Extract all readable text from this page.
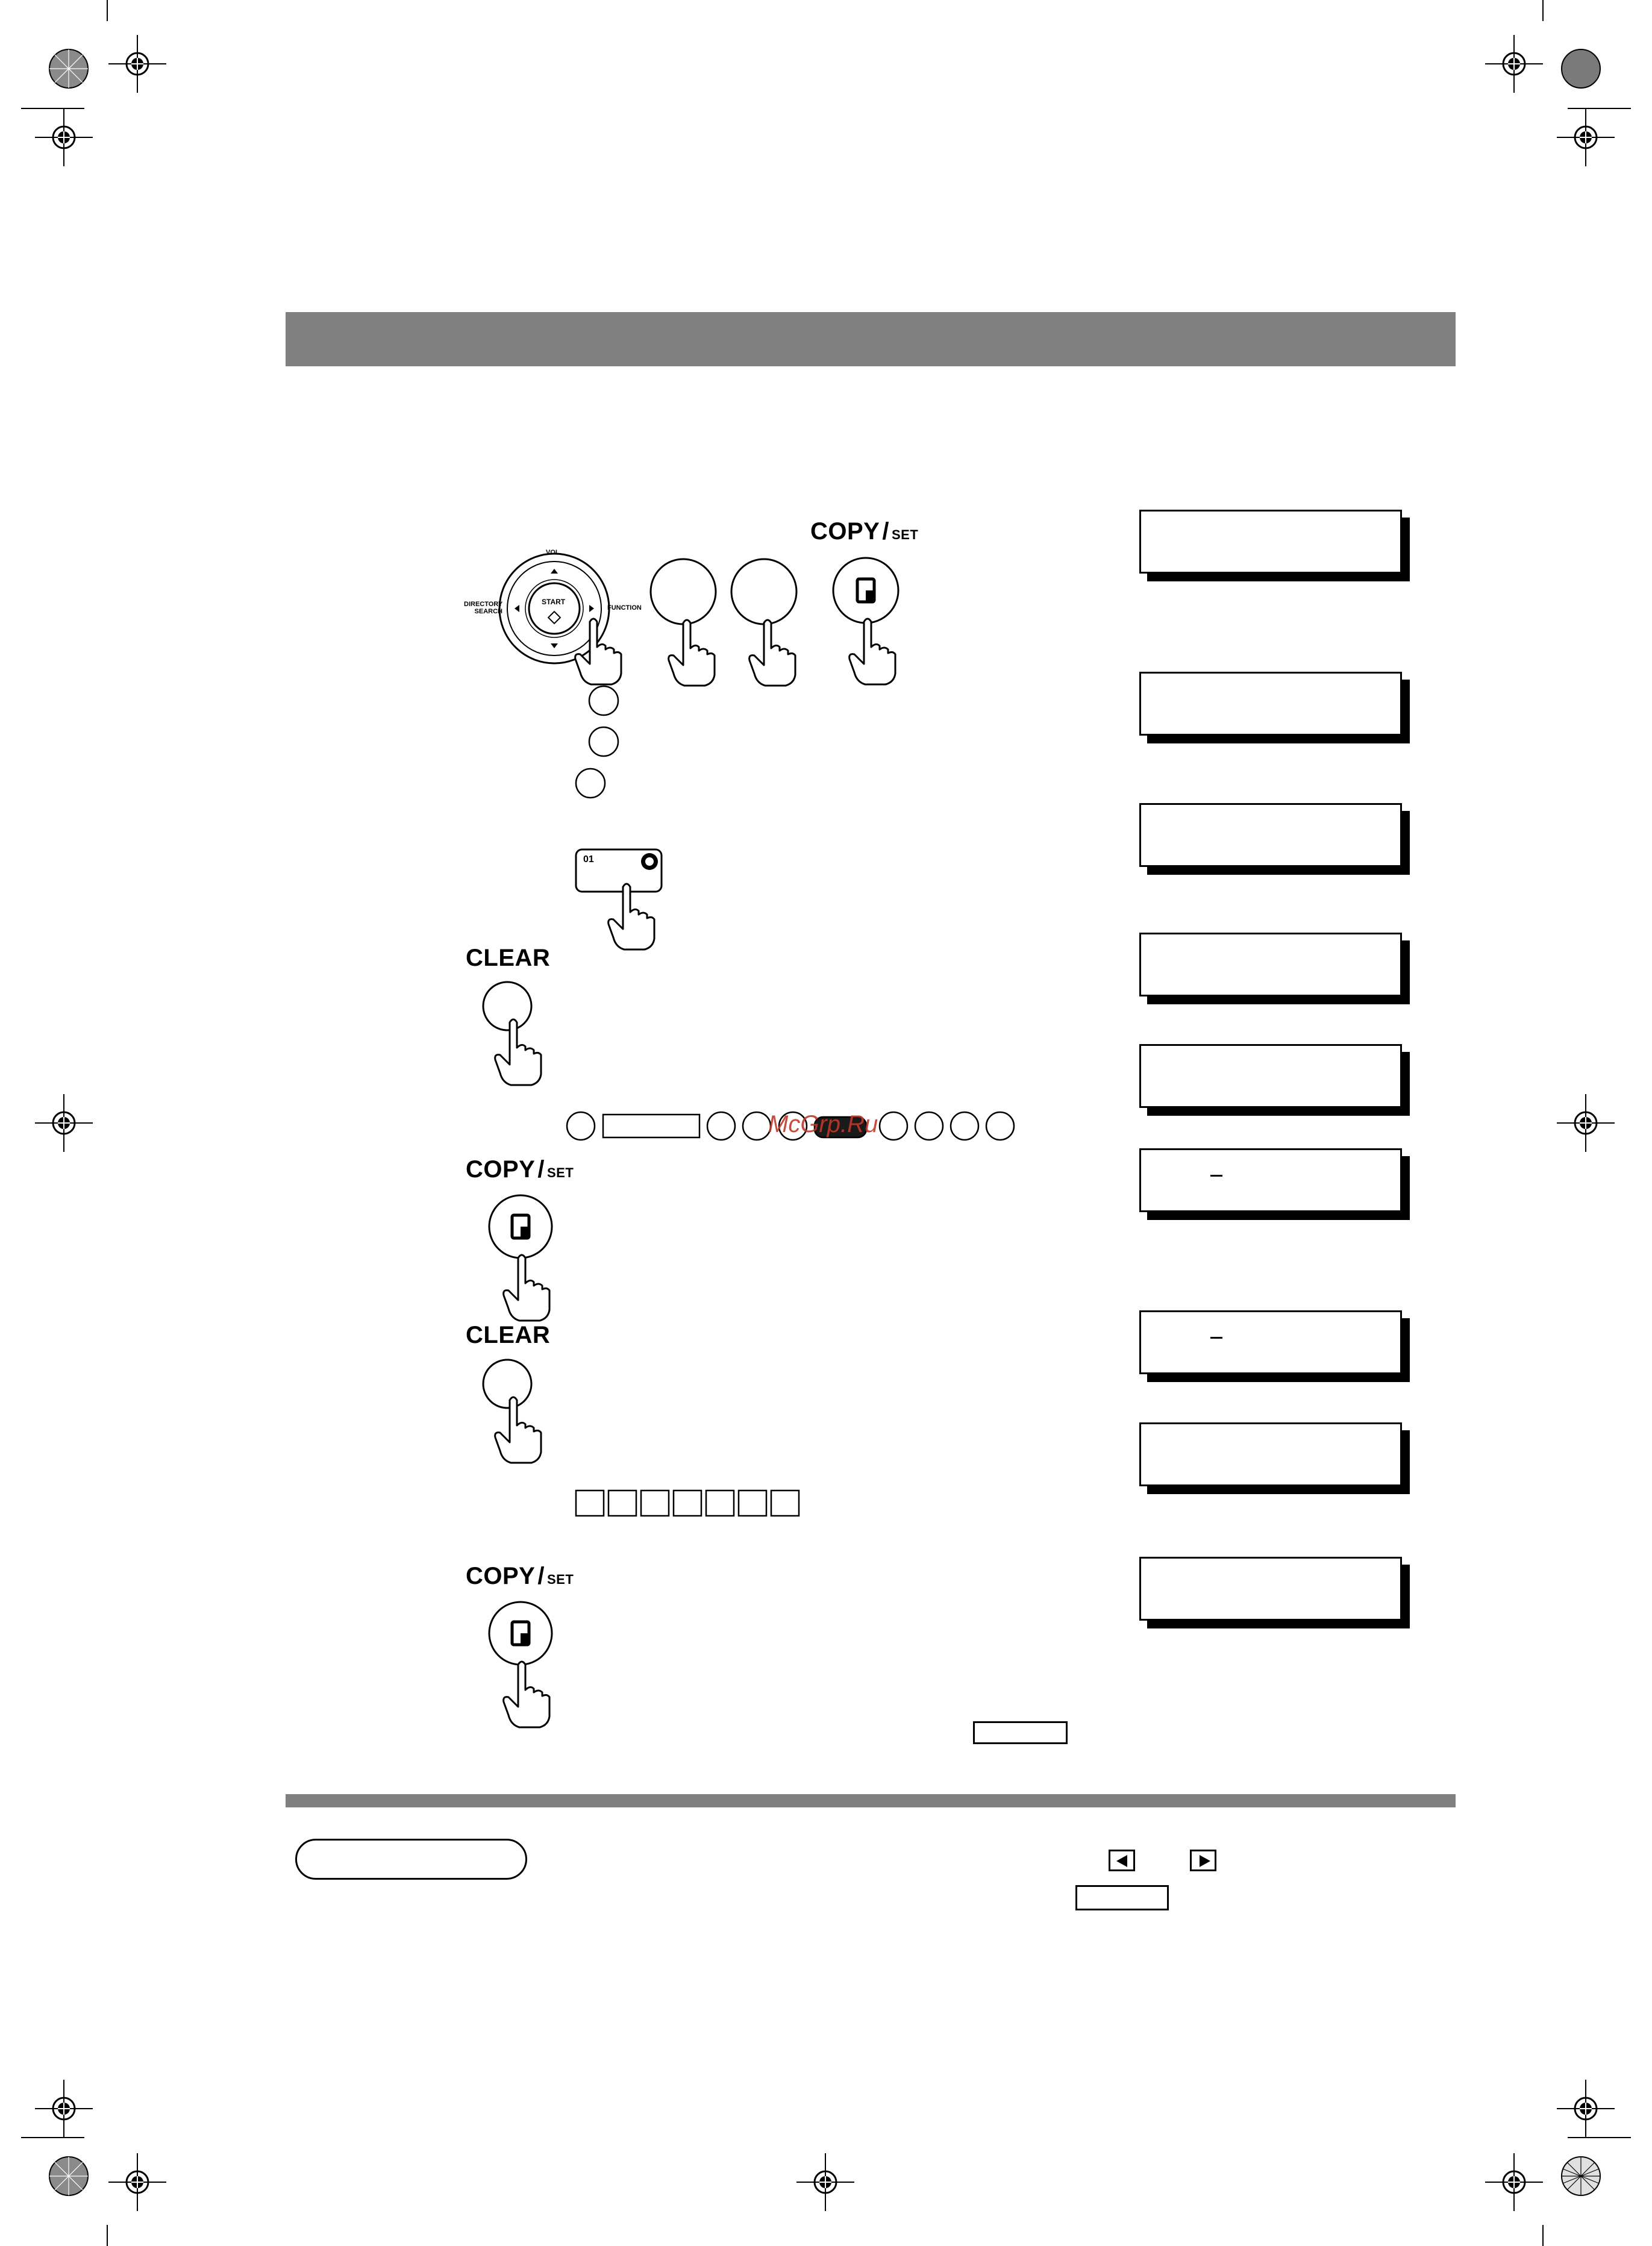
VOL.
DIRECTORY SEARCH	FUNCTION
START
COPY / SET
01
CLEAR
CLEAR
COPY / SET
COPY / SET
McGrp.Ru
